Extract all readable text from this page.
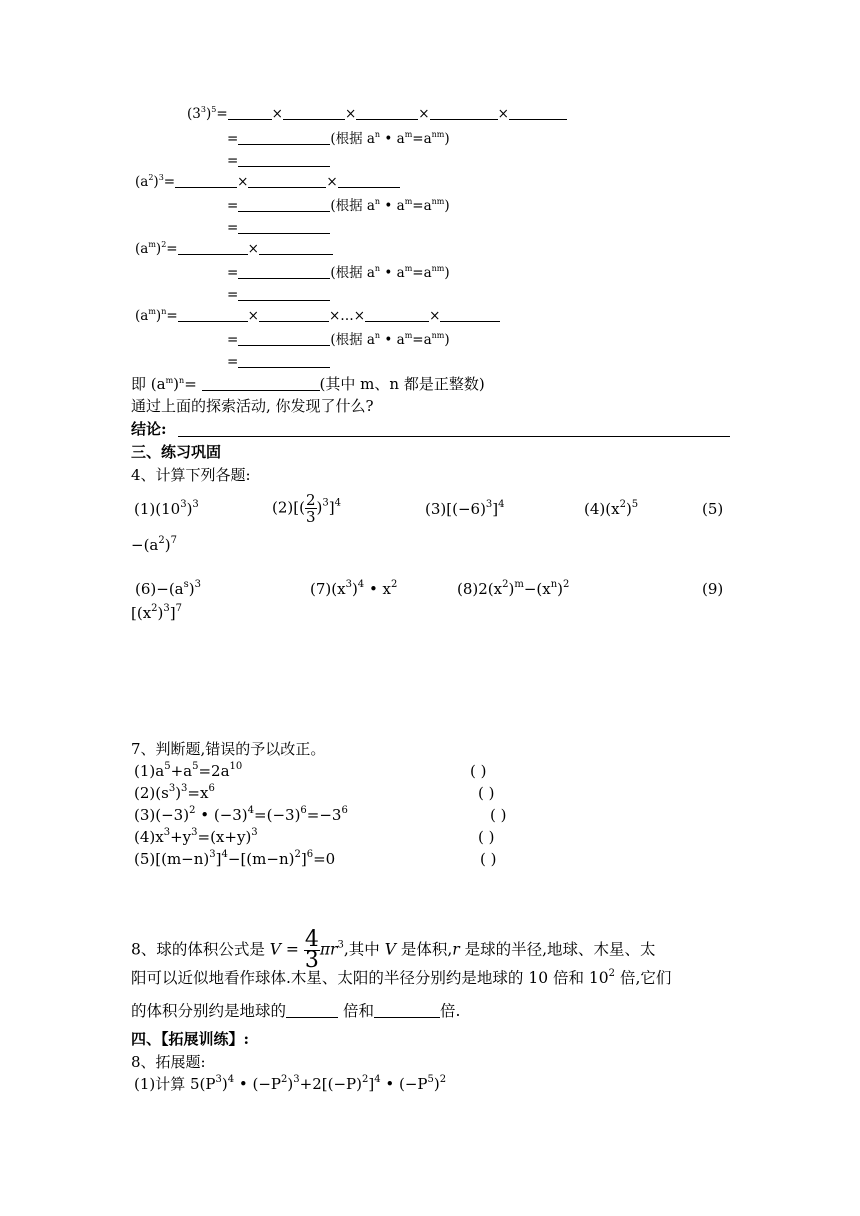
$(3^3)^5=$	×	×	×	×
=	(根据 $a^n$ • $a^m=a^{nm}$)
=
$(a^2)^3=$	×	×
=	(根据 $a^n$ • $a^m=a^{nm}$)
=
$(a^m)^2=$	×
=	(根据 $a^n$ • $a^m=a^{nm}$)
=
$(a^m)^n=$	×	×…×	×
=	(根据 $a^n$ • $a^m=a^{nm}$)
=
即 $(a^m)^n=$	(其中 m、n 都是正整数)
通过上面的探索活动, 你发现了什么?
结论:
三、练习巩固
4、计算下列各题:
$(1)(10^3)^3$	$(2)[( \frac{2}{3} )^3]^4$	$(3)[(-6)^3]^4$	$(4)(x^2)^5$	(5)
$-(a^2)^7$
$(6)-(a^s)^3$	$(7)(x^3)^4$ • $x^2$	$(8)2(x^2)^m-(x^n)^2$	(9)
$[(x^2)^3]^7$
7、判断题,错误的予以改正。
$(1)a^5+a^5=2a^{10}$	( )
$(2)(s^3)^3=x^6$	( )
$(3)(-3)^2$ • $(-3)^4=(-3)^6=-3^6$	( )
$(4)x^3+y^3=(x+y)^3$	( )
$(5)[(m-n)^3]^4-[(m-n)^2]^6=0$	( )
8、球的体积公式是 $V = \frac{4}{3} \pi r^3$,其中 V 是体积,r 是球的半径,地球、木星、太
阳可以近似地看作球体.木星、太阳的半径分别约是地球的 10 倍和 $10^2$ 倍,它们
的体积分别约是地球的	倍和	倍.
四、【拓展训练】:
8、拓展题:
(1)计算 $5(P^3)^4$ • $(-P^2)^3+2[(-P)^2]^4$ • $(-P^5)^2$
